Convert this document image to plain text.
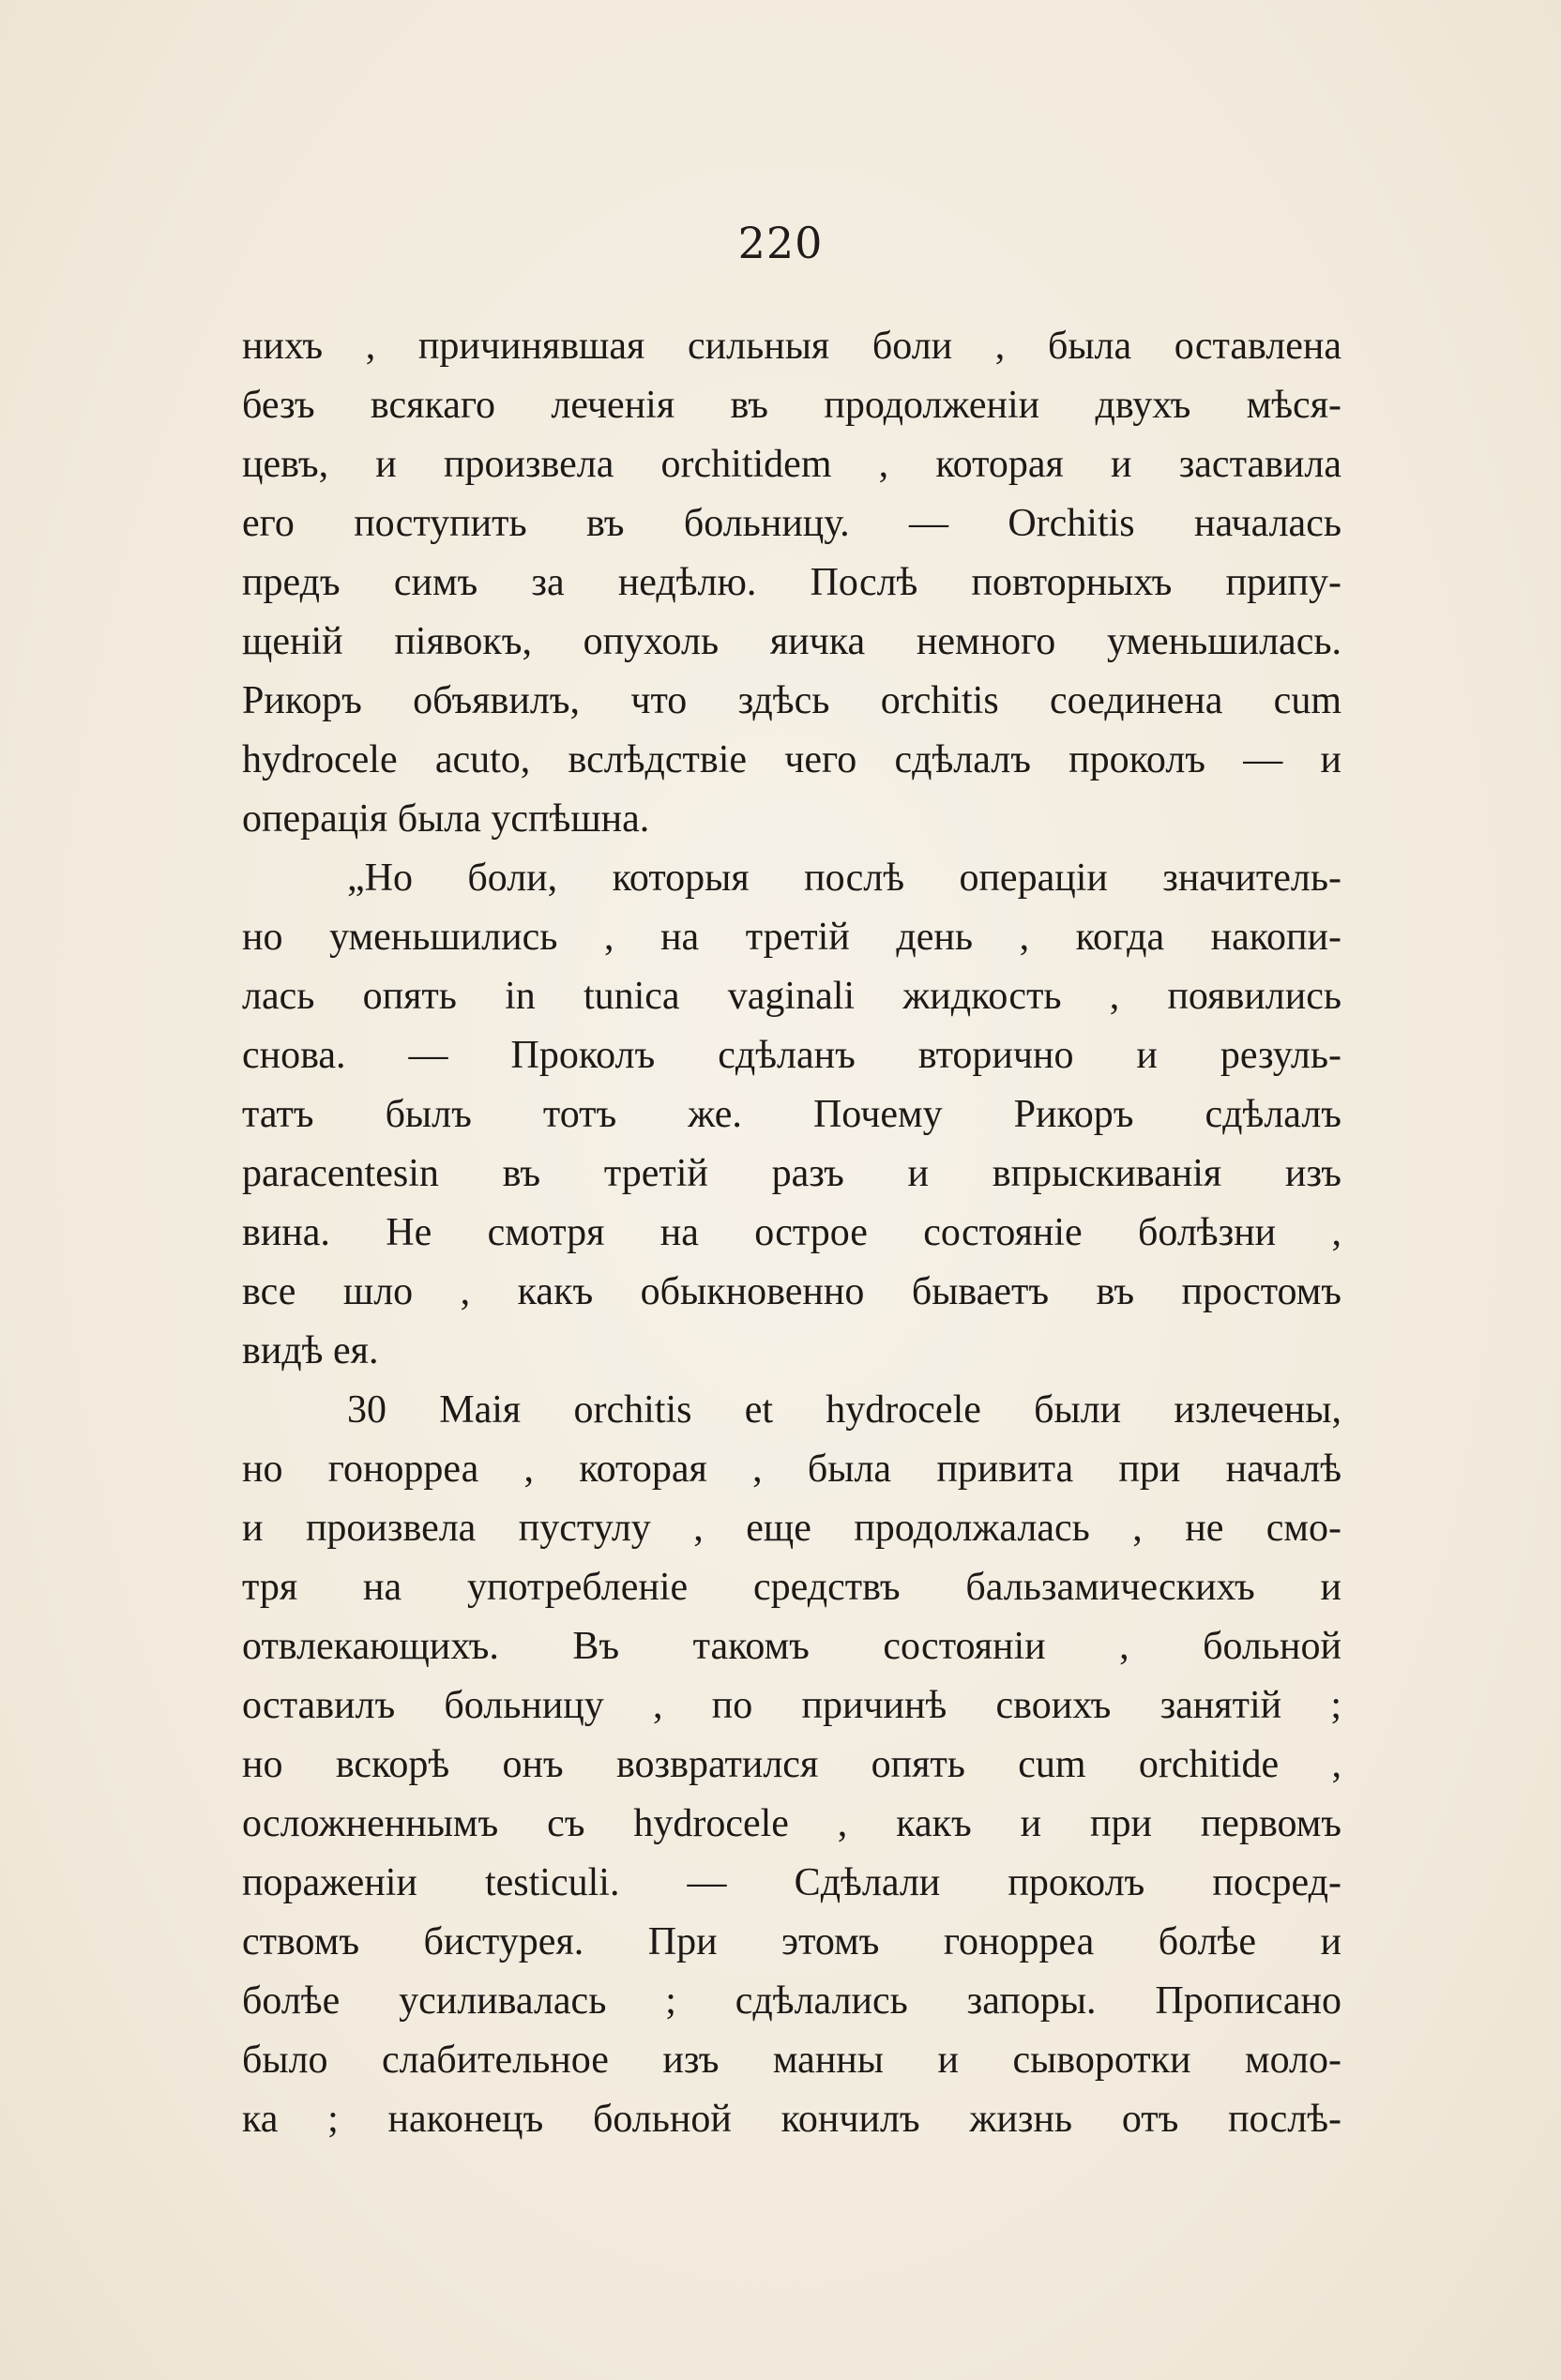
220
нихъ , причинявшая сильныя боли , была оставлена
безъ всякаго леченія въ продолженіи двухъ мѣся-
цевъ, и произвела orchitidem , которая и заставила
его поступить въ больницу. — Orchitis началась
предъ симъ за недѣлю. Послѣ повторныхъ припу-
щеній піявокъ, опухоль яичка немного уменьшилась.
Рикоръ объявилъ, что здѣсь orchitis соединена cum
hydrocele acuto, вслѣдствіе чего сдѣлалъ проколъ — и
операція была успѣшна.
„Но боли, которыя послѣ операціи значитель-
но уменьшились , на третій день , когда накопи-
лась опять in tunica vaginali жидкость , появились
снова. — Проколъ сдѣланъ вторично и резуль-
татъ былъ тотъ же. Почему Рикоръ сдѣлалъ
paracentesin въ третій разъ и впрыскиванія изъ
вина. Не смотря на острое состояніе болѣзни ,
все шло , какъ обыкновенно бываетъ въ простомъ
видѣ ея.
30 Маія orchitis et hydrocele были излечены,
но гонорреа , которая , была привита при началѣ
и произвела пустулу , еще продолжалась , не смо-
тря на употребленіе средствъ бальзамическихъ и
отвлекающихъ. Въ такомъ состояніи , больной
оставилъ больницу , по причинѣ своихъ занятій ;
но вскорѣ онъ возвратился опять cum orchitide ,
осложненнымъ съ hydrocele , какъ и при первомъ
пораженіи testiculi. — Сдѣлали проколъ посред-
ствомъ бистурея. При этомъ гонорреа болѣе и
болѣе усиливалась ; сдѣлались запоры. Прописано
было слабительное изъ манны и сыворотки моло-
ка ; наконецъ больной кончилъ жизнь отъ послѣ-
